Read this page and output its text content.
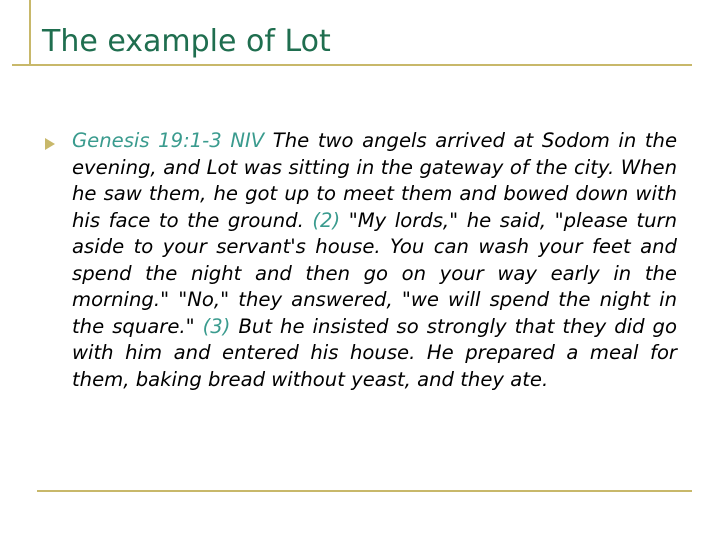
The example of Lot

Genesis 19:1-3 NIV The two angels arrived at Sodom in the evening, and Lot was sitting in the gateway of the city. When he saw them, he got up to meet them and bowed down with his face to the ground. (2) "My lords," he said, "please turn aside to your servant's house. You can wash your feet and spend the night and then go on your way early in the morning." "No," they answered, "we will spend the night in the square." (3) But he insisted so strongly that they did go with him and entered his house. He prepared a meal for them, baking bread without yeast, and they ate.
